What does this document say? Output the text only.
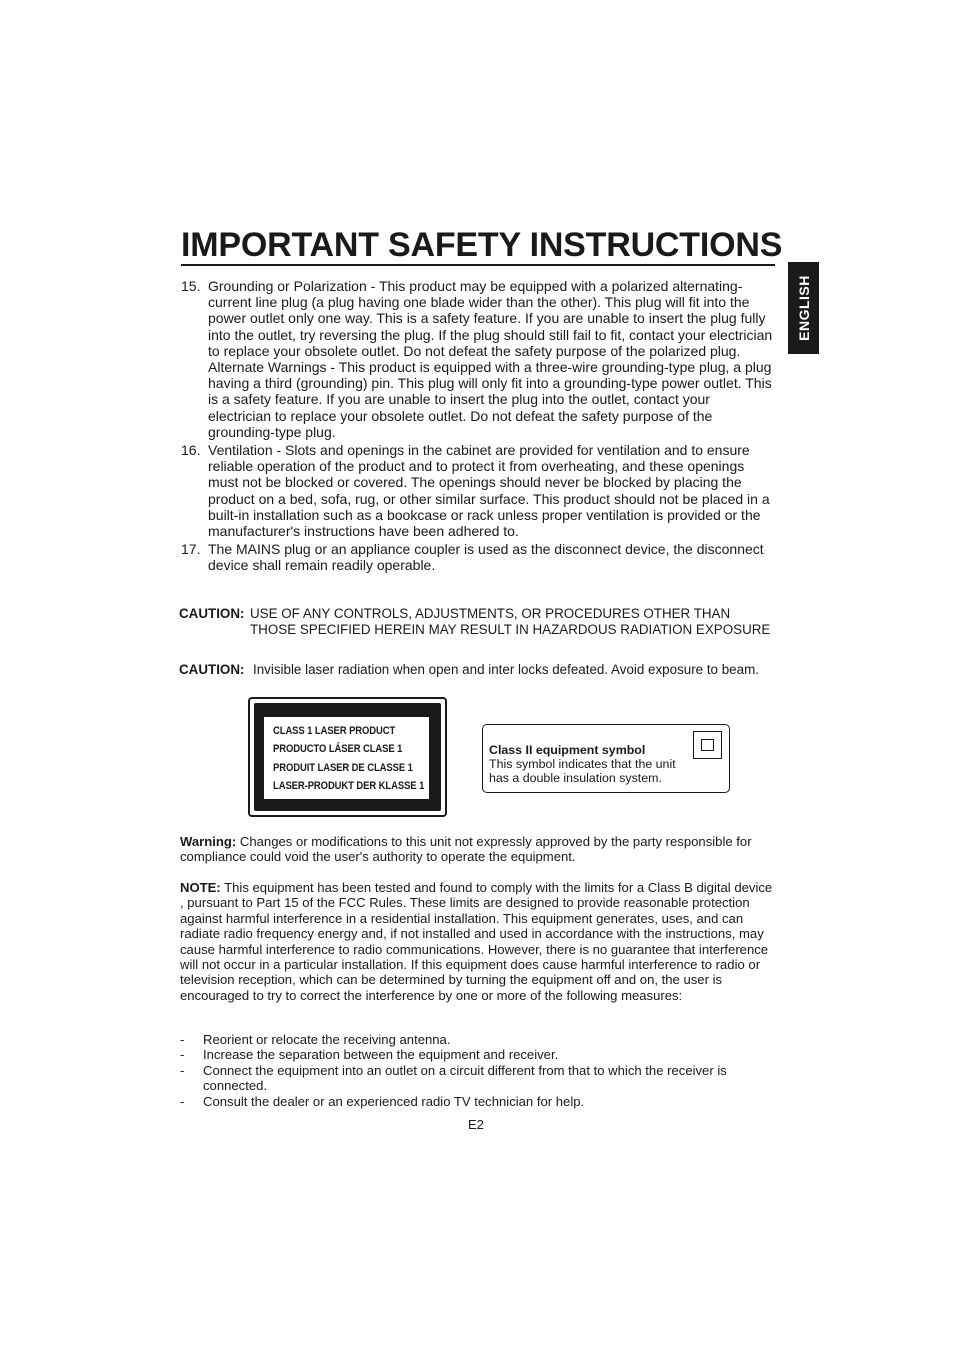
IMPORTANT SAFETY INSTRUCTIONS
ENGLISH
15. Grounding or Polarization - This product may be equipped with a polarized alternating-current line plug (a plug having one blade wider than the other). This plug will fit into the power outlet only one way. This is a safety feature. If you are unable to insert the plug fully into the outlet, try reversing the plug. If the plug should still fail to fit, contact your electrician to replace your obsolete outlet. Do not defeat the safety purpose of the polarized plug.

Alternate Warnings - This product is equipped with a three-wire grounding-type plug, a plug having a third (grounding) pin. This plug will only fit into a grounding-type power outlet. This is a safety feature. If you are unable to insert the plug into the outlet, contact your electrician to replace your obsolete outlet. Do not defeat the safety purpose of the grounding-type plug.

16. Ventilation - Slots and openings in the cabinet are provided for ventilation and to ensure reliable operation of the product and to protect it from overheating, and these openings must not be blocked or covered. The openings should never be blocked by placing the product on a bed, sofa, rug, or other similar surface. This product should not be placed in a built-in installation such as a bookcase or rack unless proper ventilation is provided or the manufacturer's instructions have been adhered to.

17. The MAINS plug or an appliance coupler is used as the disconnect device, the disconnect device shall remain readily operable.

CAUTION: USE OF ANY CONTROLS, ADJUSTMENTS, OR PROCEDURES OTHER THAN THOSE SPECIFIED HEREIN MAY RESULT IN HAZARDOUS RADIATION EXPOSURE
CAUTION: Invisible laser radiation when open and inter locks defeated. Avoid exposure to beam.
CLASS 1 LASER PRODUCT
PRODUCTO LÁSER CLASE 1
PRODUIT LASER DE CLASSE 1
LASER-PRODUKT DER KLASSE 1
Class II equipment symbol
This symbol indicates that the unit has a double insulation system.

Warning: Changes or modifications to this unit not expressly approved by the party responsible for compliance could void the user's authority to operate the equipment.

NOTE: This equipment has been tested and found to comply with the limits for a Class B digital device , pursuant to Part 15 of the FCC Rules. These limits are designed to provide reasonable protection against harmful interference in a residential installation. This equipment generates, uses, and can radiate radio frequency energy and, if not installed and used in accordance with the instructions, may cause harmful interference to radio communications. However, there is no guarantee that interference will not occur in a particular installation. If this equipment does cause harmful interference to radio or television reception, which can be determined by turning the equipment off and on, the user is encouraged to try to correct the interference by one or more of the following measures:

- Reorient or relocate the receiving antenna.
- Increase the separation between the equipment and receiver.
- Connect the equipment into an outlet on a circuit different from that to which the receiver is connected.
- Consult the dealer or an experienced radio TV technician for help.
E2
